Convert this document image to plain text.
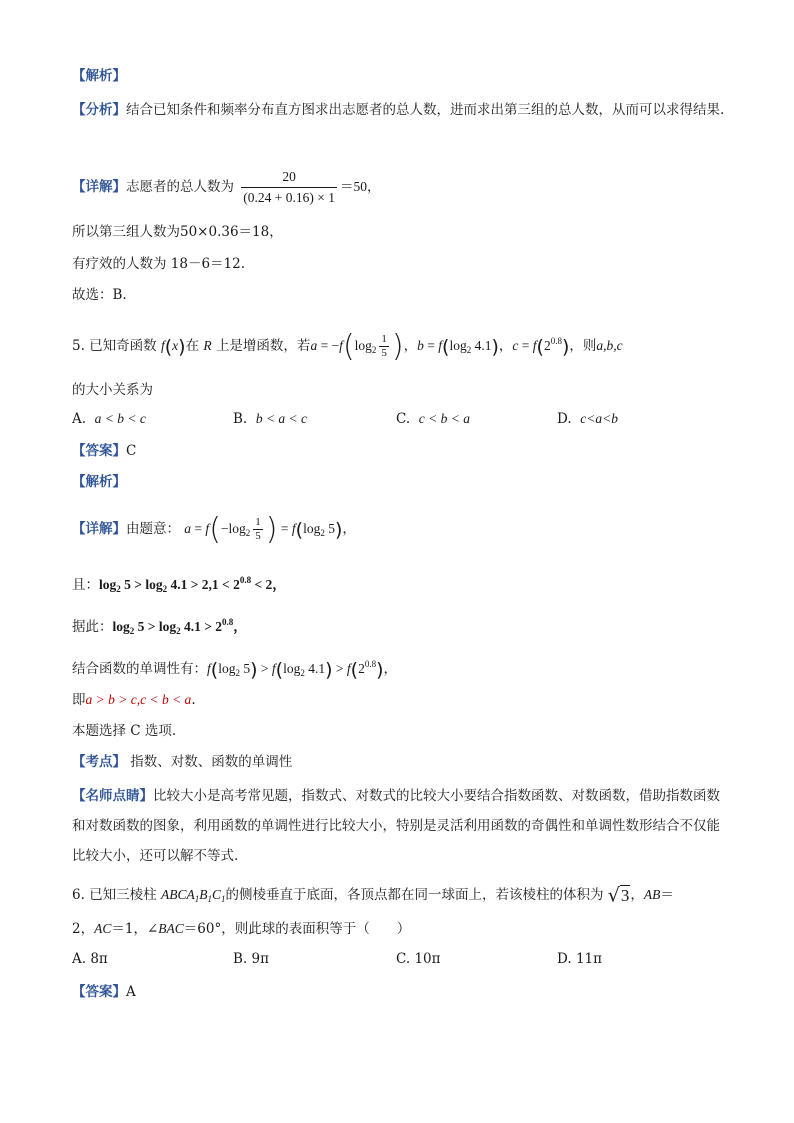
【解析】
【分析】结合已知条件和频率分布直方图求出志愿者的总人数，进而求出第三组的总人数，从而可以求得结果.
【详解】志愿者的总人数为 $\frac{20}{(0.24 + 0.16) \times 1} =50$，
所以第三组人数为50×0.36＝18，
有疗效的人数为 18－6＝12.
故选：B.
5. 已知奇函数 f(x)在 R 上是增函数，若$a = -f(\log_2 \frac{1}{5}$ )，$b = f(\log_2$ 4.1)，$c = f(2^{0.8})$，则a,b,c
的大小关系为
A. a < b < c	B. b < a < c	C. c < b < a	D. c<a<b
【答案】C
【解析】
【详解】由题意： $a = f(-\log_2 \frac{1}{5}$ ) = $f(\log_2$ 5)，
且：$\log_2 5 > \log_2 4.1 > 2,1 < 2^{0.8} < 2$，
据此：$\log_2 5 > \log_2 4.1 > 2^{0.8}$，
结合函数的单调性有：$f(\log_2$ $5) > f(\log_2$ $4.1) > f(2^{0.8})$，
即a > b > c,c < b < a.
本题选择 C 选项.
【考点】 指数、对数、函数的单调性
【名师点睛】比较大小是高考常见题，指数式、对数式的比较大小要结合指数函数、对数函数，借助指数函数和对数函数的图象，利用函数的单调性进行比较大小，特别是灵活利用函数的奇偶性和单调性数形结合不仅能比较大小，还可以解不等式.
6. 已知三棱柱 $ABCA_1B_1C_1$的侧棱垂直于底面，各顶点都在同一球面上，若该棱柱的体积为 √3，AB＝
2，AC＝1，∠BAC＝60°，则此球的表面积等于（　　）
A. 8π	B. 9π	C. 10π	D. 11π
【答案】A
